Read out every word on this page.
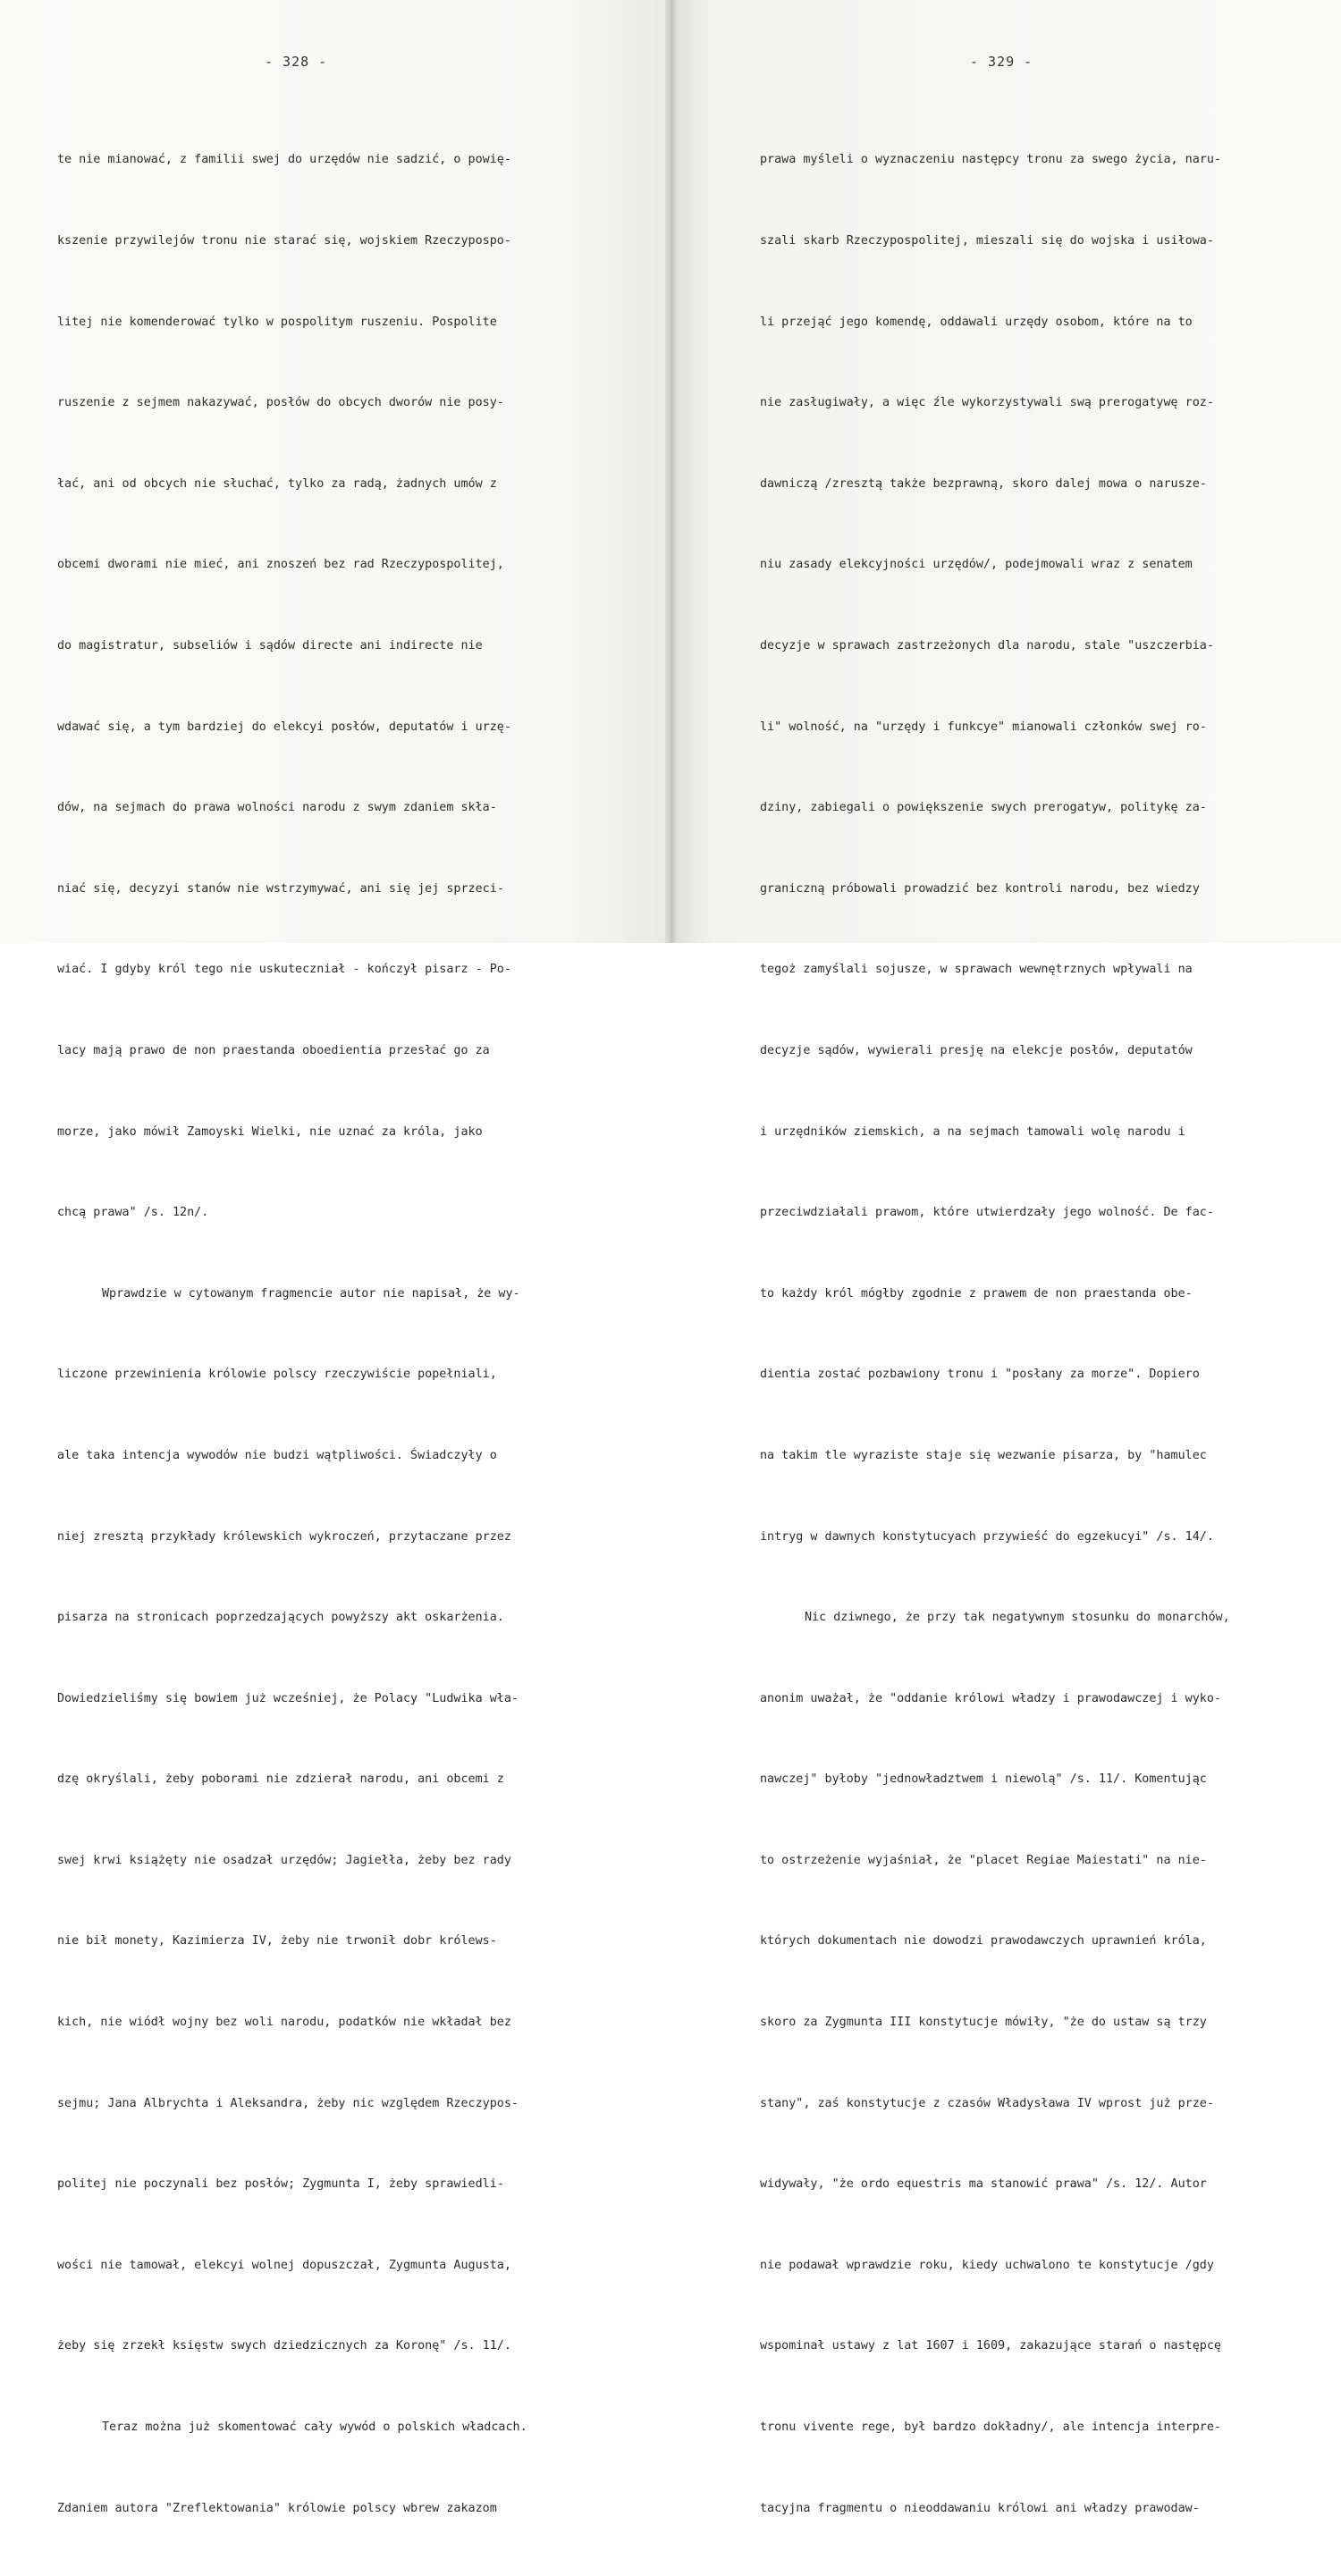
- 328 -

te nie mianować, z familii swej do urzędów nie sadzić, o powię-

kszenie przywilejów tronu nie starać się, wojskiem Rzeczypospo-

litej nie komenderować tylko w pospolitym ruszeniu. Pospolite

ruszenie z sejmem nakazywać, posłów do obcych dworów nie posy-

łać, ani od obcych nie słuchać, tylko za radą, żadnych umów z

obcemi dworami nie mieć, ani znoszeń bez rad Rzeczypospolitej,

do magistratur, subseliów i sądów directe ani indirecte nie

wdawać się, a tym bardziej do elekcyi posłów, deputatów i urzę-

dów, na sejmach do prawa wolności narodu z swym zdaniem skła-

niać się, decyzyi stanów nie wstrzymywać, ani się jej sprzeci-

wiać. I gdyby król tego nie uskuteczniał - kończył pisarz - Po-

lacy mają prawo de non praestanda oboedientia przesłać go za

morze, jako mówił Zamoyski Wielki, nie uznać za króla, jako

chcą prawa" /s. 12n/.

Wprawdzie w cytowanym fragmencie autor nie napisał, że wy-

liczone przewinienia królowie polscy rzeczywiście popełniali,

ale taka intencja wywodów nie budzi wątpliwości. Świadczyły o

niej zresztą przykłady królewskich wykroczeń, przytaczane przez

pisarza na stronicach poprzedzających powyższy akt oskarżenia.

Dowiedzieliśmy się bowiem już wcześniej, że Polacy "Ludwika wła-

dzę okryślali, żeby poborami nie zdzierał narodu, ani obcemi z

swej krwi książęty nie osadzał urzędów; Jagiełła, żeby bez rady

nie bił monety, Kazimierza IV, żeby nie trwonił dobr królews-

kich, nie wiódł wojny bez woli narodu, podatków nie wkładał bez

sejmu; Jana Albrychta i Aleksandra, żeby nic względem Rzeczypos-

politej nie poczynali bez posłów; Zygmunta I, żeby sprawiedli-

wości nie tamował, elekcyi wolnej dopuszczał, Zygmunta Augusta,

żeby się zrzekł księstw swych dziedzicznych za Koronę" /s. 11/.

Teraz można już skomentować cały wywód o polskich władcach.

Zdaniem autora "Zreflektowania" królowie polscy wbrew zakazom

- 329 -

prawa myśleli o wyznaczeniu następcy tronu za swego życia, naru-

szali skarb Rzeczypospolitej, mieszali się do wojska i usiłowa-

li przejąć jego komendę, oddawali urzędy osobom, które na to

nie zasługiwały, a więc źle wykorzystywali swą prerogatywę roz-

dawniczą /zresztą także bezprawną, skoro dalej mowa o narusze-

niu zasady elekcyjności urzędów/, podejmowali wraz z senatem

decyzje w sprawach zastrzeżonych dla narodu, stale "uszczerbia-

li" wolność, na "urzędy i funkcye" mianowali członków swej ro-

dziny, zabiegali o powiększenie swych prerogatyw, politykę za-

graniczną próbowali prowadzić bez kontroli narodu, bez wiedzy

tegoż zamyślali sojusze, w sprawach wewnętrznych wpływali na

decyzje sądów, wywierali presję na elekcje posłów, deputatów

i urzędników ziemskich, a na sejmach tamowali wolę narodu i

przeciwdziałali prawom, które utwierdzały jego wolność. De fac-

to każdy król mógłby zgodnie z prawem de non praestanda obe-

dientia zostać pozbawiony tronu i "posłany za morze". Dopiero

na takim tle wyraziste staje się wezwanie pisarza, by "hamulec

intryg w dawnych konstytucyach przywieść do egzekucyi" /s. 14/.

Nic dziwnego, że przy tak negatywnym stosunku do monarchów,

anonim uważał, że "oddanie królowi władzy i prawodawczej i wyko-

nawczej" byłoby "jednowładztwem i niewolą" /s. 11/. Komentując

to ostrzeżenie wyjaśniał, że "placet Regiae Maiestati" na nie-

których dokumentach nie dowodzi prawodawczych uprawnień króla,

skoro za Zygmunta III konstytucje mówiły, "że do ustaw są trzy

stany", zaś konstytucje z czasów Władysława IV wprost już prze-

widywały, "że ordo equestris ma stanowić prawa" /s. 12/. Autor

nie podawał wprawdzie roku, kiedy uchwalono te konstytucje /gdy

wspominał ustawy z lat 1607 i 1609, zakazujące starań o następcę

tronu vivente rege, był bardzo dokładny/, ale intencja interpre-

tacyjna fragmentu o nieoddawaniu królowi ani władzy prawodaw-
